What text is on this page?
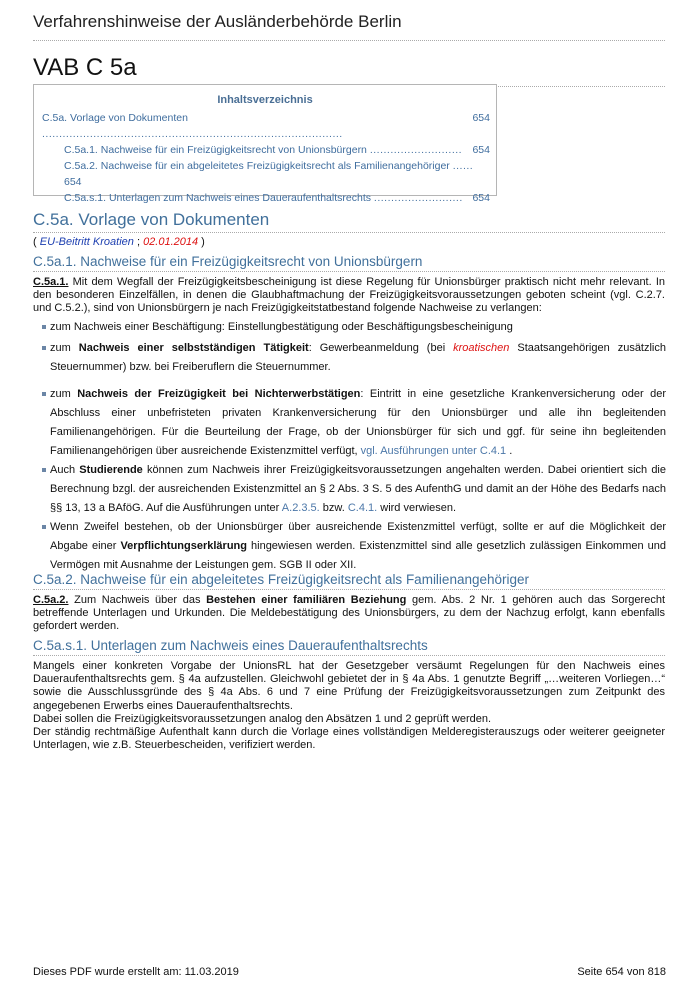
Verfahrenshinweise der Ausländerbehörde Berlin
VAB C 5a
Inhaltsverzeichnis
C.5a. Vorlage von Dokumenten ........................................................................................
654
C.5a.1. Nachweise für ein Freizügigkeitsrecht von Unionsbürgern ........................... 654
C.5a.2. Nachweise für ein abgeleitetes Freizügigkeitsrecht als Familienangehöriger ......
654
C.5a.s.1. Unterlagen zum Nachweis eines Daueraufenthaltsrechts .......................... 654
C.5a. Vorlage von Dokumenten
( EU-Beitritt Kroatien ; 02.01.2014 )
C.5a.1. Nachweise für ein Freizügigkeitsrecht von Unionsbürgern
C.5a.1. Mit dem Wegfall der Freizügigkeitsbescheinigung ist diese Regelung für Unionsbürger praktisch nicht mehr relevant. In den besonderen Einzelfällen, in denen die Glaubhaftmachung der Freizügigkeitsvoraussetzungen geboten scheint (vgl. C.2.7. und C.5.2.), sind von Unionsbürgern je nach Freizügigkeitstatbestand folgende Nachweise zu verlangen:
zum Nachweis einer Beschäftigung: Einstellungbestätigung oder Beschäftigungsbescheinigung
zum Nachweis einer selbstständigen Tätigkeit: Gewerbeanmeldung (bei kroatischen Staatsangehörigen zusätzlich Steuernummer) bzw. bei Freiberuflern die Steuernummer.
zum Nachweis der Freizügigkeit bei Nichterwerbstätigen: Eintritt in eine gesetzliche Krankenversicherung oder der Abschluss einer unbefristeten privaten Krankenversicherung für den Unionsbürger und alle ihn begleitenden Familienangehörigen. Für die Beurteilung der Frage, ob der Unionsbürger für sich und ggf. für seine ihn begleitenden Familienangehörigen über ausreichende Existenzmittel verfügt, vgl. Ausführungen unter C.4.1 .
Auch Studierende können zum Nachweis ihrer Freizügigkeitsvoraussetzungen angehalten werden. Dabei orientiert sich die Berechnung bzgl. der ausreichenden Existenzmittel an § 2 Abs. 3 S. 5 des AufenthG und damit an der Höhe des Bedarfs nach §§ 13, 13 a BAföG. Auf die Ausführungen unter A.2.3.5. bzw. C.4.1. wird verwiesen.
Wenn Zweifel bestehen, ob der Unionsbürger über ausreichende Existenzmittel verfügt, sollte er auf die Möglichkeit der Abgabe einer Verpflichtungserklärung hingewiesen werden. Existenzmittel sind alle gesetzlich zulässigen Einkommen und Vermögen mit Ausnahme der Leistungen gem. SGB II oder XII.
C.5a.2. Nachweise für ein abgeleitetes Freizügigkeitsrecht als Familienangehöriger
C.5a.2. Zum Nachweis über das Bestehen einer familiären Beziehung gem. Abs. 2 Nr. 1 gehören auch das Sorgerecht betreffende Unterlagen und Urkunden. Die Meldebestätigung des Unionsbürgers, zu dem der Nachzug erfolgt, kann ebenfalls gefordert werden.
C.5a.s.1. Unterlagen zum Nachweis eines Daueraufenthaltsrechts
Mangels einer konkreten Vorgabe der UnionsRL hat der Gesetzgeber versäumt Regelungen für den Nachweis eines Daueraufenthaltsrechts gem. § 4a aufzustellen. Gleichwohl gebietet der in § 4a Abs. 1 genutzte Begriff „…weiteren Vorliegen…“ sowie die Ausschlussgründe des § 4a Abs. 6 und 7 eine Prüfung der Freizügigkeitsvoraussetzungen zum Zeitpunkt des angegebenen Erwerbs eines Daueraufenthaltsrechts.
Dabei sollen die Freizügigkeitsvoraussetzungen analog den Absätzen 1 und 2 geprüft werden.
Der ständig rechtmäßige Aufenthalt kann durch die Vorlage eines vollständigen Melderegisterauszugs oder weiterer geeigneter Unterlagen, wie z.B. Steuerbescheiden, verifiziert werden.
Dieses PDF wurde erstellt am: 11.03.2019	Seite 654 von 818
